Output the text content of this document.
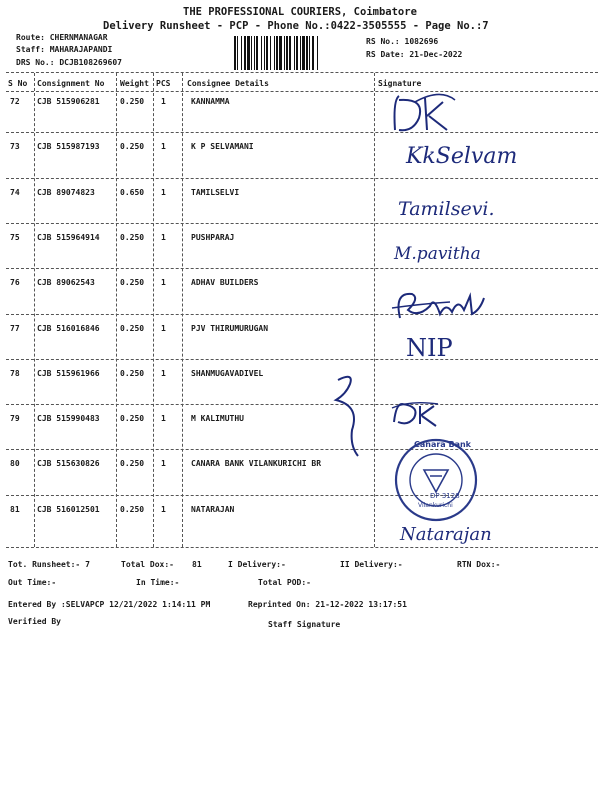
THE PROFESSIONAL COURIERS, Coimbatore
Delivery Runsheet - PCP - Phone No.:0422-3505555 - Page No.:7
Route: CHERNMANAGAR
Staff: MAHARAJAPANDI
DRS No.: DCJB108269607
RS No.: 1082696
RS Date: 21-Dec-2022
S No Consignment No Weight PCS Consignee Details	Signature
72 CJB 515906281	0.250 1	KANNAMMA
73 CJB 515987193	0.250 1	K P SELVAMANI
74 CJB 89074823	0.650 1	TAMILSELVI
75 CJB 515964914	0.250 1	PUSHPARAJ
76 CJB 89062543	0.250 1	ADHAV BUILDERS
77 CJB 516016846	0.250 1	PJV THIRUMURUGAN
78 CJB 515961966	0.250 1	SHANMUGAVADIVEL
79 CJB 515990483	0.250 1	M KALIMUTHU
80 CJB 515630826	0.250 1	CANARA BANK VILANKURICHI BR
81 CJB 516012501	0.250 1	NATARAJAN
KkSelvam
Tamilsevi.
M.pavitha
NIP
Natarajan
Canara Bank
DP 3128
Vilankurichi
Tot. Runsheet:- 7	Total Dox:- 81	I Delivery:-	II Delivery:-	RTN Dox:-
Out Time:-	In Time:-	Total POD:-
Entered By :SELVAPCP 12/21/2022 1:14:11 PM	Reprinted On: 21-12-2022 13:17:51
Verified By	Staff Signature
